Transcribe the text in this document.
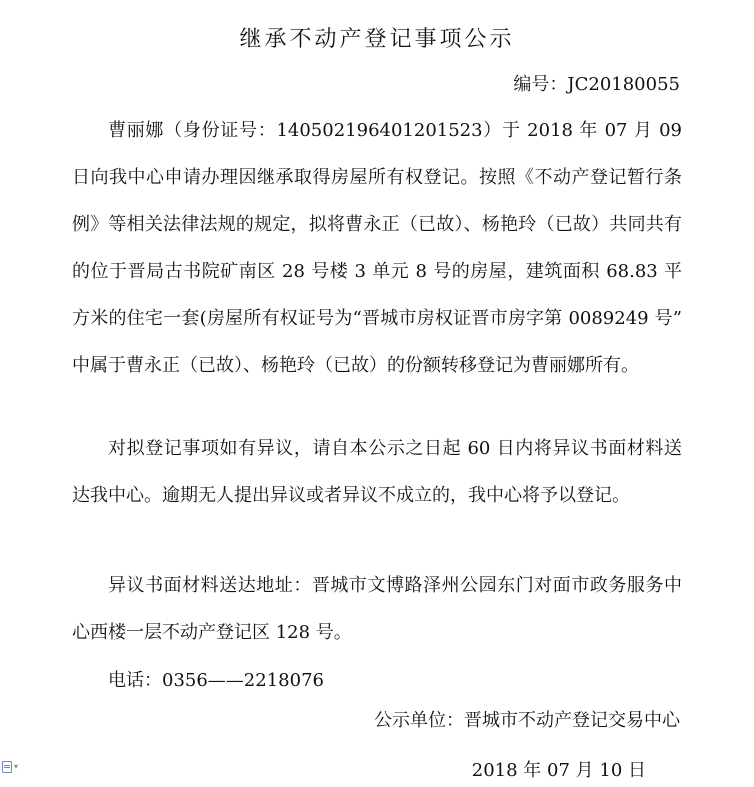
继承不动产登记事项公示
编号：JC20180055

曹丽娜（身份证号：140502196401201523）于 2018 年 07 月 09 日向我中心申请办理因继承取得房屋所有权登记。按照《不动产登记暂行条例》等相关法律法规的规定，拟将曹永正（已故）、杨艳玲（已故）共同共有的位于晋局古书院矿南区 28 号楼 3 单元 8 号的房屋，建筑面积 68.83 平方米的住宅一套(房屋所有权证号为“晋城市房权证晋市房字第 0089249 号” 中属于曹永正（已故）、杨艳玲（已故）的份额转移登记为曹丽娜所有。

对拟登记事项如有异议，请自本公示之日起 60 日内将异议书面材料送达我中心。逾期无人提出异议或者异议不成立的，我中心将予以登记。

异议书面材料送达地址：晋城市文博路泽州公园东门对面市政务服务中心西楼一层不动产登记区 128 号。

电话：0356——2218076
公示单位：晋城市不动产登记交易中心
2018 年 07 月 10 日
▾
